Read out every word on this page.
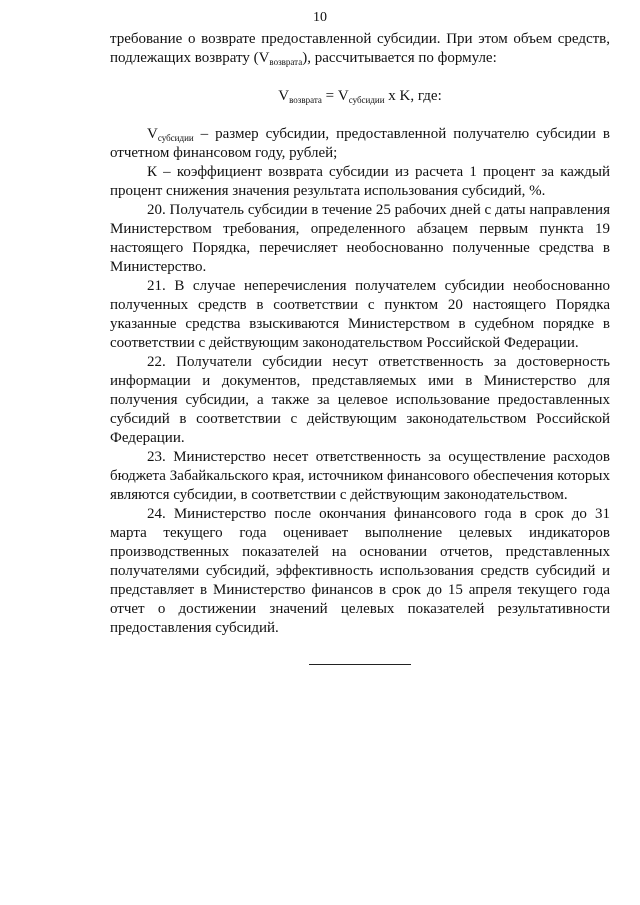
10

требование о возврате предоставленной субсидии. При этом объем средств, подлежащих возврату $(V_{возврата})$, рассчитывается по формуле:

$V_{возврата} = V_{субсидии}$ x K, где:

$V_{субсидии}$ – размер субсидии, предоставленной получателю субсидии в отчетном финансовом году, рублей;

К – коэффициент возврата субсидии из расчета 1 процент за каждый процент снижения значения результата использования субсидий, %.

20. Получатель субсидии в течение 25 рабочих дней с даты направления Министерством требования, определенного абзацем первым пункта 19 настоящего Порядка, перечисляет необоснованно полученные средства в Министерство.

21. В случае неперечисления получателем субсидии необоснованно полученных средств в соответствии с пунктом 20 настоящего Порядка указанные средства взыскиваются Министерством в судебном порядке в соответствии с действующим законодательством Российской Федерации.

22. Получатели субсидии несут ответственность за достоверность информации и документов, представляемых ими в Министерство для получения субсидии, а также за целевое использование предоставленных субсидий в соответствии с действующим законодательством Российской Федерации.

23. Министерство несет ответственность за осуществление расходов бюджета Забайкальского края, источником финансового обеспечения которых являются субсидии, в соответствии с действующим законодательством.

24. Министерство после окончания финансового года в срок до 31 марта текущего года оценивает выполнение целевых индикаторов производственных показателей на основании отчетов, представленных получателями субсидий, эффективность использования средств субсидий и представляет в Министерство финансов в срок до 15 апреля текущего года отчет о достижении значений целевых показателей результативности предоставления субсидий.
